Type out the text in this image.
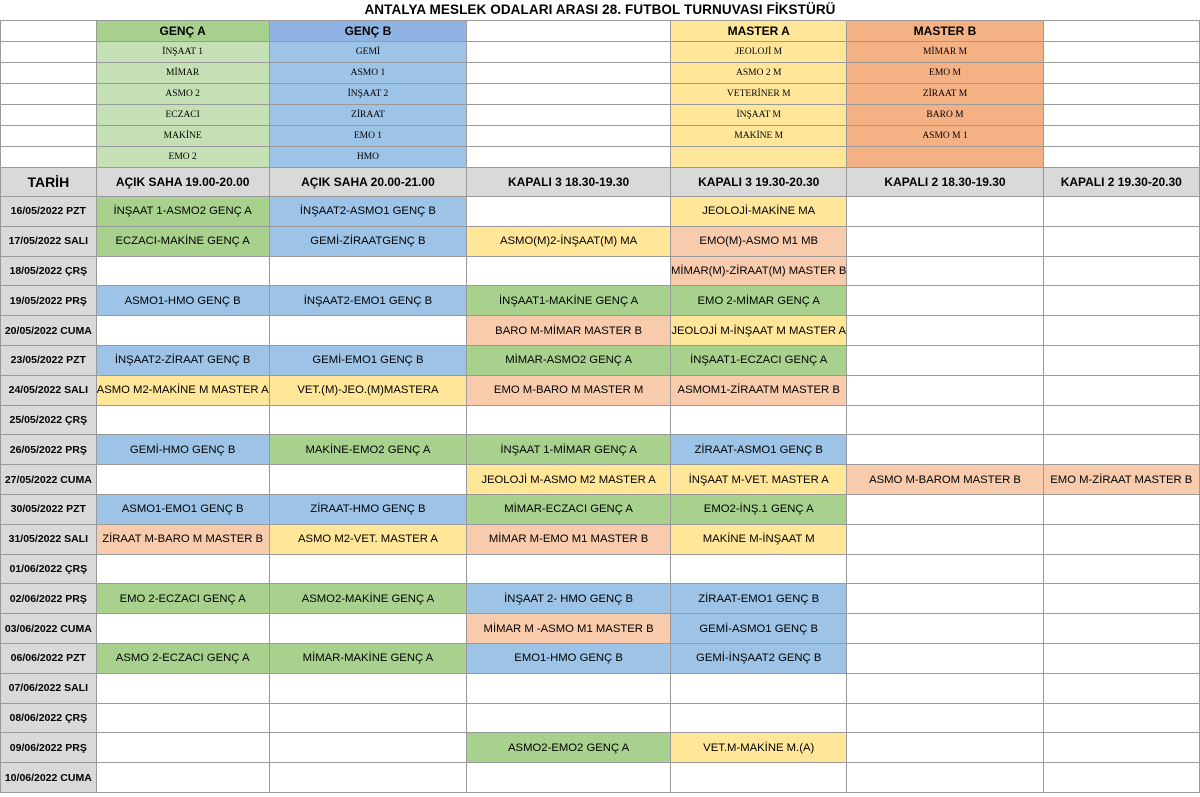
ANTALYA MESLEK ODALARI ARASI 28. FUTBOL TURNUVASI FİKSTÜRÜ
	GENÇ A	GENÇ B		MASTER A	MASTER B	
	İNŞAAT 1	GEMİ		JEOLOJİ M	MİMAR M	
	MİMAR	ASMO 1		ASMO 2 M	EMO M	
	ASMO 2	İNŞAAT 2		VETERİNER M	ZİRAAT M	
	ECZACI	ZİRAAT		İNŞAAT M	BARO M	
	MAKİNE	EMO 1		MAKİNE M	ASMO M 1	
	EMO 2	HMO				
TARİH	AÇIK SAHA 19.00-20.00	AÇIK SAHA 20.00-21.00	KAPALI 3 18.30-19.30	KAPALI 3 19.30-20.30	KAPALI 2 18.30-19.30	KAPALI 2 19.30-20.30
16/05/2022 PZT	İNŞAAT 1-ASMO2 GENÇ A	İNŞAAT2-ASMO1 GENÇ B		JEOLOJİ-MAKİNE MA		
17/05/2022 SALI	ECZACI-MAKİNE GENÇ A	GEMİ-ZİRAATGENÇ B	ASMO(M)2-İNŞAAT(M) MA	EMO(M)-ASMO M1 MB		
18/05/2022 ÇRŞ				MİMAR(M)-ZİRAAT(M) MASTER B		
19/05/2022 PRŞ	ASMO1-HMO GENÇ B	İNŞAAT2-EMO1 GENÇ B	İNŞAAT1-MAKİNE GENÇ A	EMO 2-MİMAR GENÇ A		
20/05/2022 CUMA			BARO M-MİMAR MASTER B	JEOLOJİ M-İNŞAAT M MASTER A		
23/05/2022 PZT	İNŞAAT2-ZİRAAT GENÇ B	GEMİ-EMO1 GENÇ B	MİMAR-ASMO2 GENÇ A	İNŞAAT1-ECZACI GENÇ A		
24/05/2022 SALI	ASMO M2-MAKİNE M MASTER A	VET.(M)-JEO.(M)MASTERA	EMO M-BARO M MASTER M	ASMOM1-ZİRAATM MASTER B		
25/05/2022 ÇRŞ						
26/05/2022 PRŞ	GEMİ-HMO GENÇ B	MAKİNE-EMO2 GENÇ A	İNŞAAT 1-MİMAR GENÇ A	ZİRAAT-ASMO1 GENÇ B		
27/05/2022 CUMA			JEOLOJİ M-ASMO M2 MASTER A	İNŞAAT M-VET. MASTER A	ASMO M-BAROM MASTER B	EMO M-ZİRAAT MASTER B
30/05/2022 PZT	ASMO1-EMO1 GENÇ B	ZİRAAT-HMO GENÇ B	MİMAR-ECZACI GENÇ A	EMO2-İNŞ.1 GENÇ A		
31/05/2022 SALI	ZİRAAT M-BARO M MASTER B	ASMO M2-VET. MASTER A	MİMAR M-EMO M1 MASTER B	MAKİNE M-İNŞAAT M		
01/06/2022 ÇRŞ						
02/06/2022 PRŞ	EMO 2-ECZACI GENÇ A	ASMO2-MAKİNE GENÇ A	İNŞAAT 2- HMO GENÇ B	ZİRAAT-EMO1 GENÇ B		
03/06/2022 CUMA			MİMAR M -ASMO M1 MASTER B	GEMİ-ASMO1 GENÇ B		
06/06/2022 PZT	ASMO 2-ECZACI GENÇ A	MİMAR-MAKİNE GENÇ A	EMO1-HMO GENÇ B	GEMİ-İNŞAAT2 GENÇ B		
07/06/2022 SALI						
08/06/2022 ÇRŞ						
09/06/2022 PRŞ			ASMO2-EMO2 GENÇ A	VET.M-MAKİNE M.(A)		
10/06/2022 CUMA						
